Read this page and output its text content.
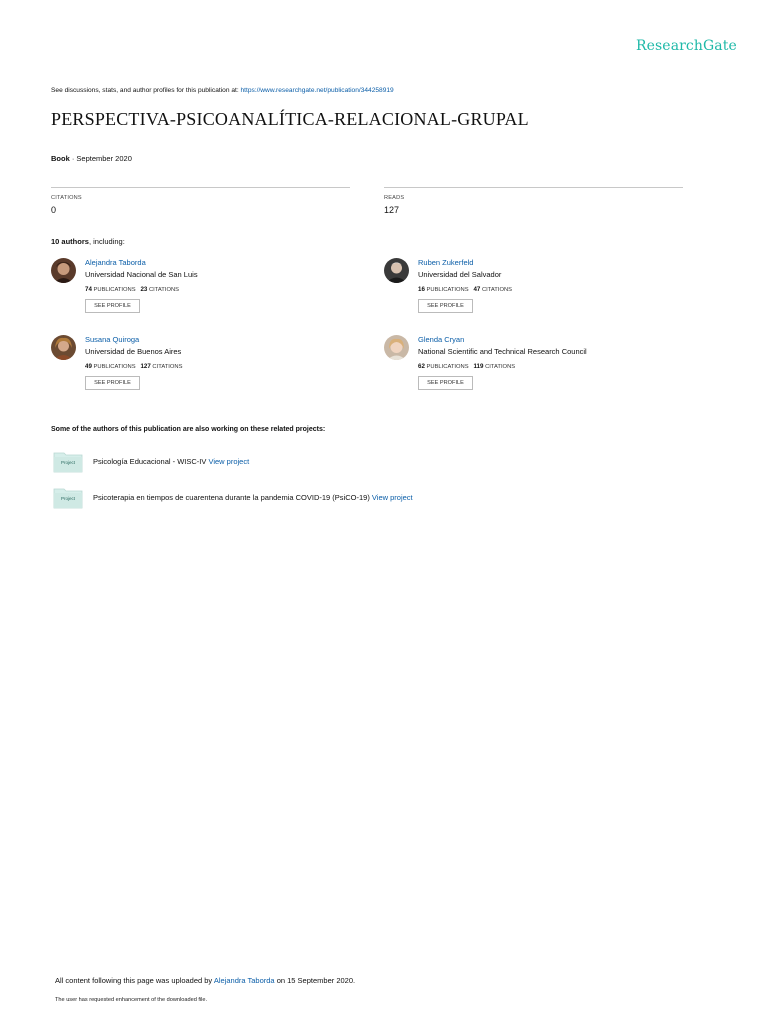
ResearchGate
See discussions, stats, and author profiles for this publication at: https://www.researchgate.net/publication/344258919
PERSPECTIVA-PSICOANALÍTICA-RELACIONAL-GRUPAL
Book · September 2020
CITATIONS
0
READS
127
10 authors, including:
Alejandra Taborda
Universidad Nacional de San Luis
74 PUBLICATIONS 23 CITATIONS
SEE PROFILE
Ruben Zukerfeld
Universidad del Salvador
16 PUBLICATIONS 47 CITATIONS
SEE PROFILE
Susana Quiroga
Universidad de Buenos Aires
49 PUBLICATIONS 127 CITATIONS
SEE PROFILE
Glenda Cryan
National Scientific and Technical Research Council
62 PUBLICATIONS 119 CITATIONS
SEE PROFILE
Some of the authors of this publication are also working on these related projects:
Project	Psicología Educacional - WISC-IV View project
Project	Psicoterapia en tiempos de cuarentena durante la pandemia COVID-19 (PsiCO-19) View project
All content following this page was uploaded by Alejandra Taborda on 15 September 2020.
The user has requested enhancement of the downloaded file.
